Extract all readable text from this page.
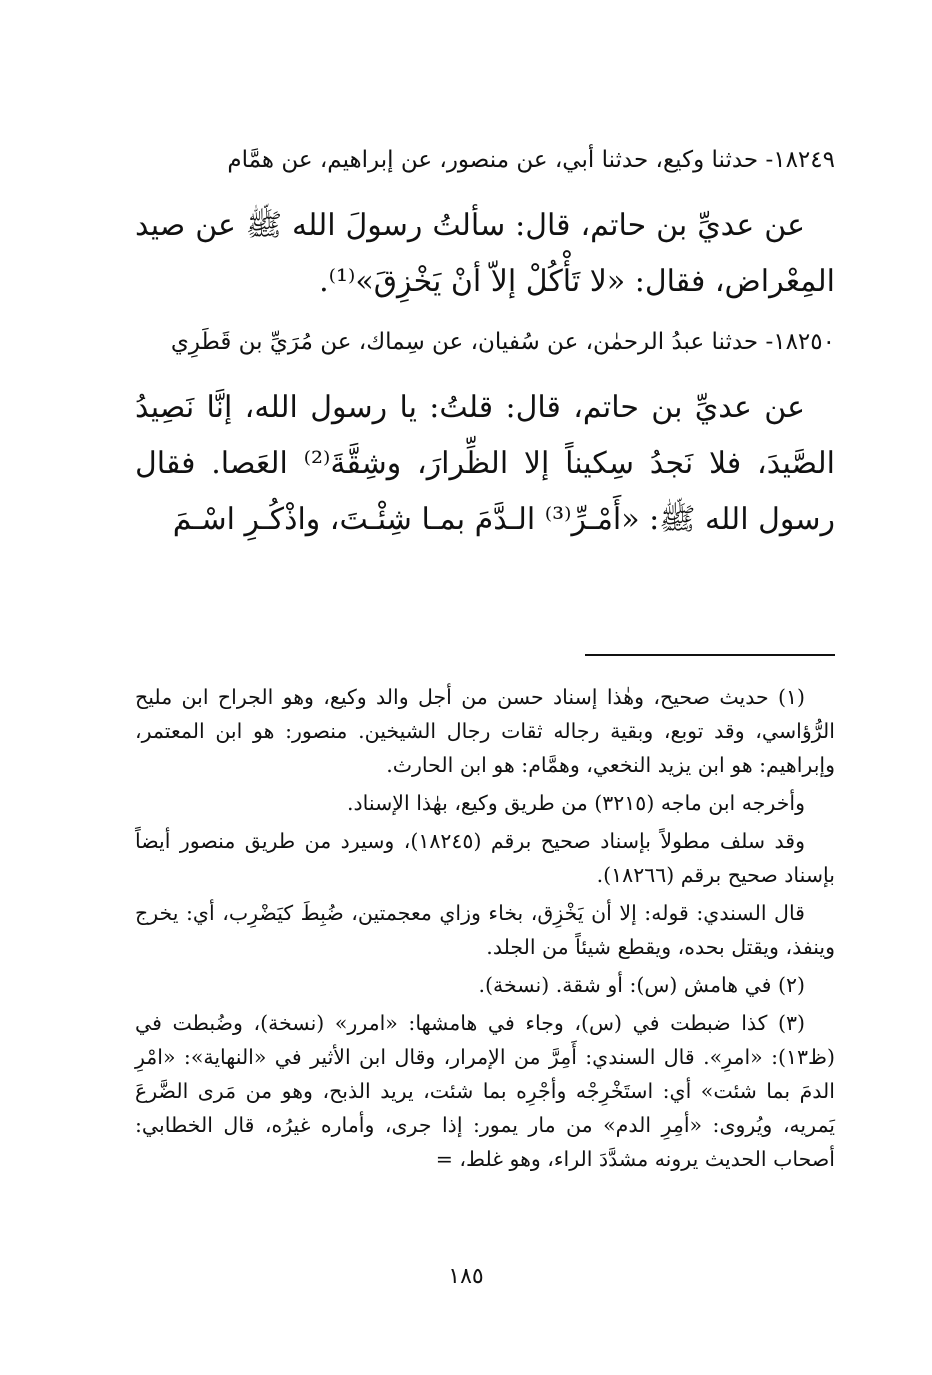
١٨٢٤٩- حدثنا وكيع، حدثنا أبي، عن منصور، عن إبراهيم، عن همَّام

عن عديِّ بن حاتم، قال: سألتُ رسولَ الله ﷺ عن صيد المِعْراض، فقال: «لا تَأْكُلْ إلاّ أنْ يَخْزِقَ»⁽¹⁾.

١٨٢٥٠- حدثنا عبدُ الرحمٰن، عن سُفيان، عن سِماك، عن مُرَيِّ بن قَطَرِي

عن عديِّ بن حاتم، قال: قلتُ: يا رسول الله، إنَّا نَصِيدُ الصَّيدَ، فلا نَجدُ سِكيناً إلا الظِّرارَ، وشِقَّةَ⁽²⁾ العَصا. فقال رسول الله ﷺ: «أَمْـرِّ⁽³⁾ الـدَّمَ بمـا شِئْـتَ، واذْكُـرِ اسْـمَ

(١) حديث صحيح، وهٰذا إسناد حسن من أجل والد وكيع، وهو الجراح ابن مليح الرُّؤاسي، وقد توبع، وبقية رجاله ثقات رجال الشيخين. منصور: هو ابن المعتمر، وإبراهيم: هو ابن يزيد النخعي، وهمَّام: هو ابن الحارث.

وأخرجه ابن ماجه (٣٢١٥) من طريق وكيع، بهٰذا الإسناد.

وقد سلف مطولاً بإسناد صحيح برقم (١٨٢٤٥)، وسيرد من طريق منصور أيضاً بإسناد صحيح برقم (١٨٢٦٦).

قال السندي: قوله: إلا أن يَخْزِق، بخاء وزاي معجمتين، ضُبِطَ كيَضْرِب، أي: يخرج وينفذ، ويقتل بحده، ويقطع شيئاً من الجلد.

(٢) في هامش (س): أو شقة. (نسخة).

(٣) كذا ضبطت في (س)، وجاء في هامشها: «امرر» (نسخة)، وضُبطت في (ظ١٣): «امرِ». قال السندي: أَمِرَّ من الإمرار، وقال ابن الأثير في «النهاية»: «امْرِ الدمَ بما شئت» أي: استَخْرِجْه وأجْرِه بما شئت، يريد الذبح، وهو من مَرى الضَّرعَ يَمريه، ويُروى: «أمِرِ الدم» من مار يمور: إذا جرى، وأماره غيرُه، قال الخطابي: أصحاب الحديث يرونه مشدَّدَ الراء، وهو غلط، =

١٨٥
